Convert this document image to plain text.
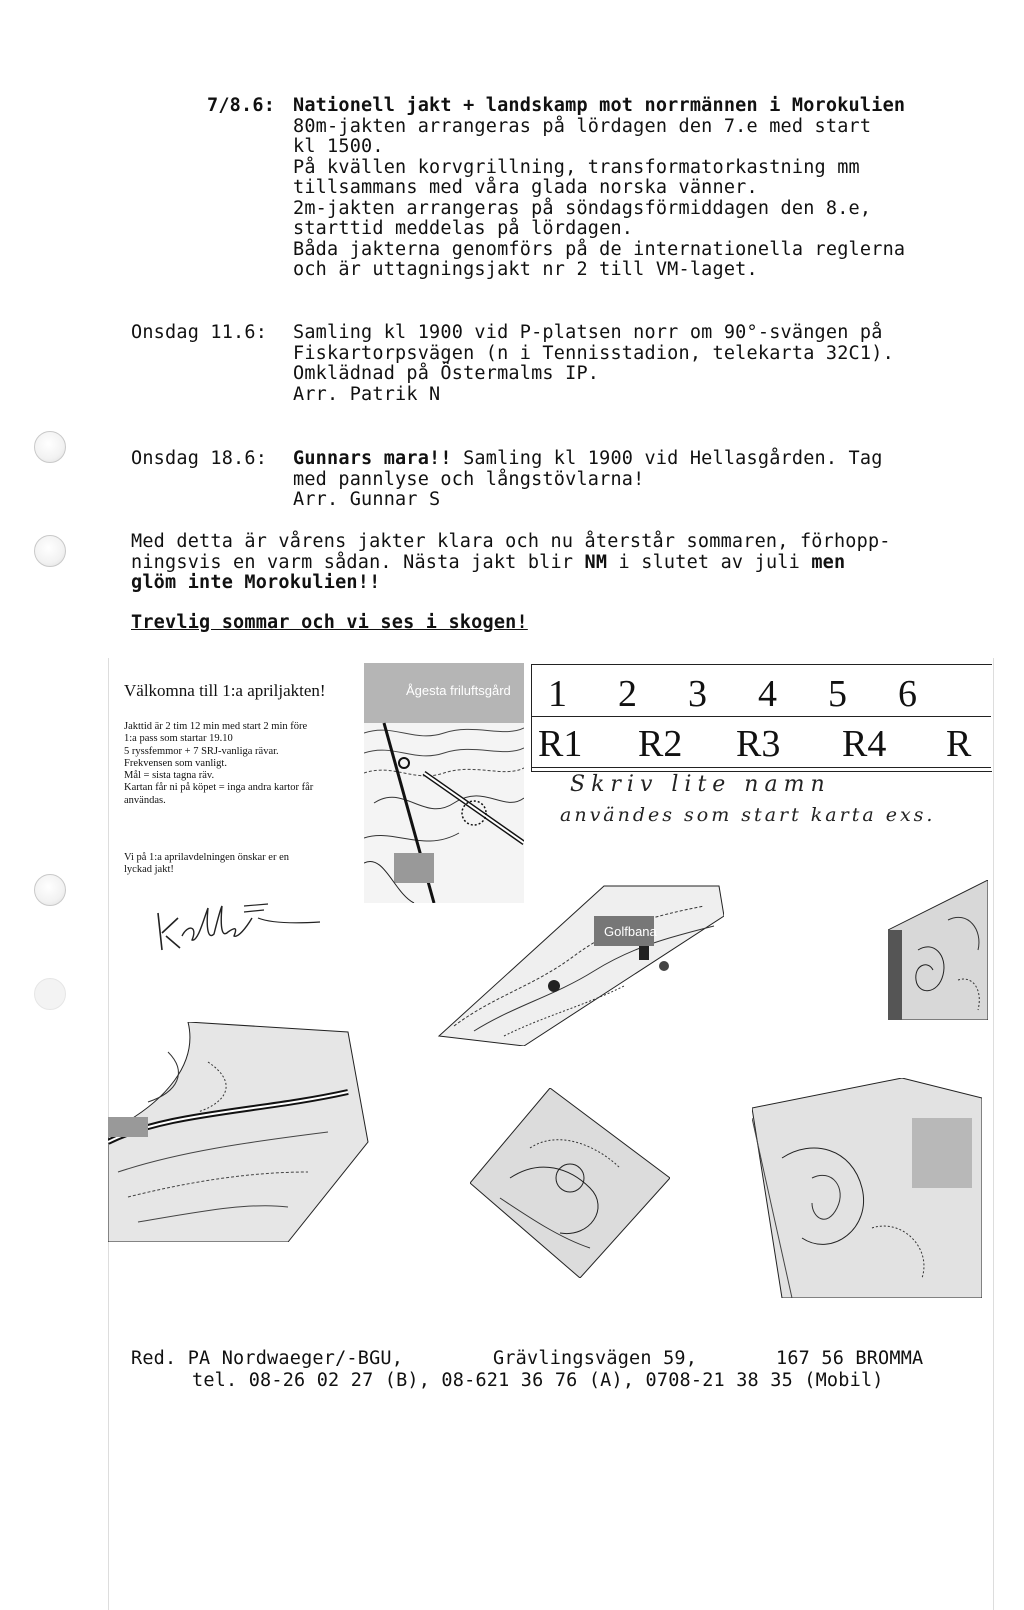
7/8.6: Nationell jakt + landskamp mot norrmännen i Morokulien
80m-jakten arrangeras på lördagen den 7.e med start
kl 1500.
På kvällen korvgrillning, transformatorkastning mm
tillsammans med våra glada norska vänner.
2m-jakten arrangeras på söndagsförmiddagen den 8.e,
starttid meddelas på lördagen.
Båda jakterna genomförs på de internationella reglerna
och är uttagningsjakt nr 2 till VM-laget.
Onsdag 11.6: Samling kl 1900 vid P-platsen norr om 90°-svängen på
Fiskartorpsvägen (n i Tennisstadion, telekarta 32C1).
Omklädnad på Östermalms IP.
Arr. Patrik N
Onsdag 18.6: Gunnars mara!! Samling kl 1900 vid Hellasgården. Tag
med pannlyse och långstövlarna!
Arr. Gunnar S
Med detta är vårens jakter klara och nu återstår sommaren, förhopp-
ningsvis en varm sådan. Nästa jakt blir NM i slutet av juli men
glöm inte Morokulien!!
Trevlig sommar och vi ses i skogen!
Välkomna till 1:a apriljakten!
Jakttid är 2 tim 12 min med start 2 min före
1:a pass som startar 19.10
5 ryssfemmor + 7 SRJ-vanliga rävar.
Frekvensen som vanligt.
Mål = sista tagna räv.
Kartan får ni på köpet = inga andra kartor får
användas.
Vi på 1:a aprilavdelningen önskar er en
lyckad jakt!
Ågesta friluftsgård 1 2 3 4 5 6
R1 R2 R3 R4 R
Skriv lite namn
användes som start karta exs.
Golfbana
Red. PA Nordwaeger/-BGU,	Grävlingsvägen 59,	167 56 BROMMA
tel. 08-26 02 27 (B), 08-621 36 76 (A), 0708-21 38 35 (Mobil)
